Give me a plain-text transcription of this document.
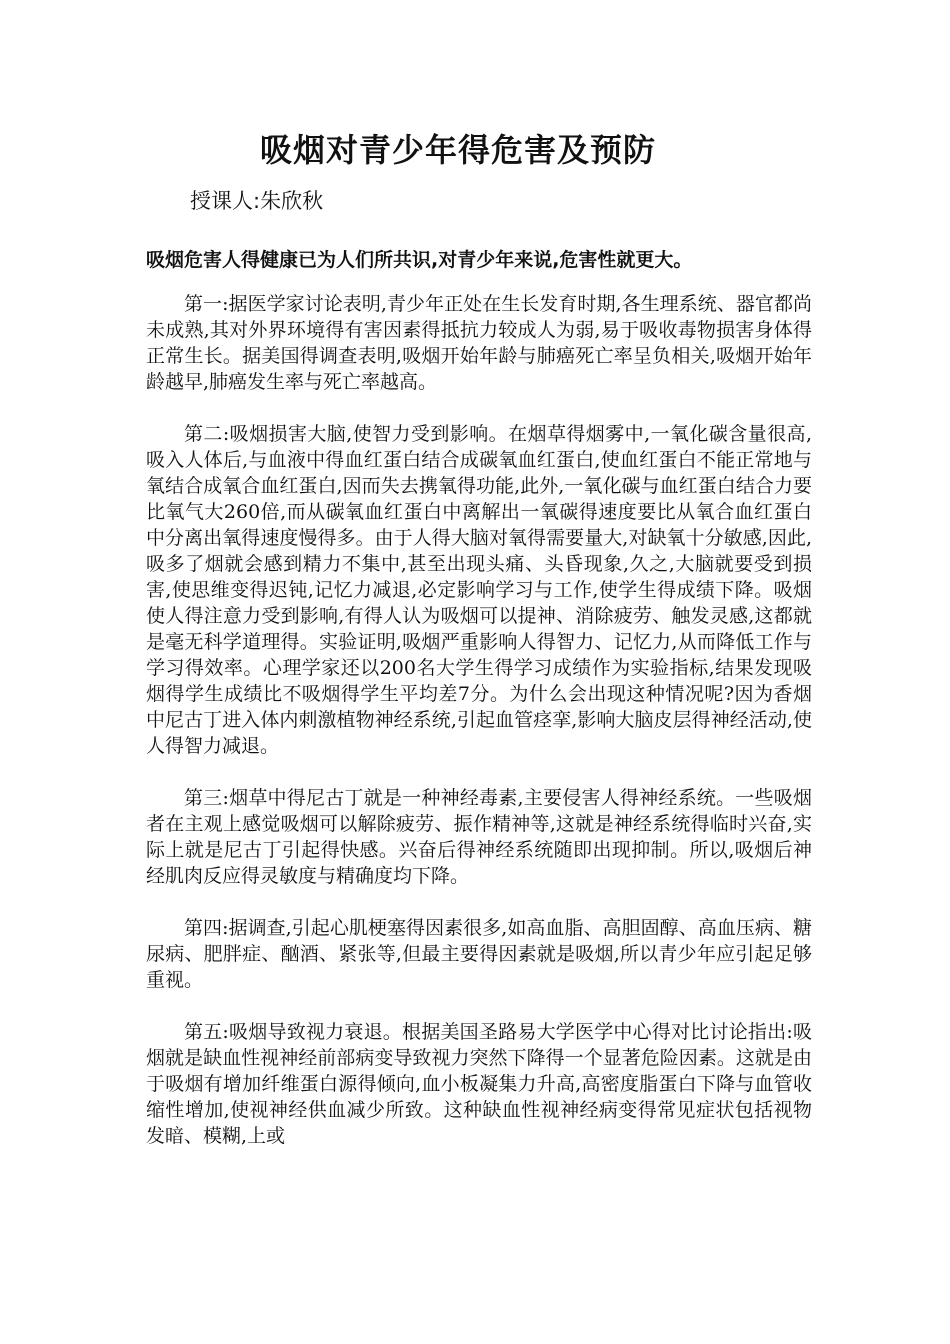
吸烟对青少年得危害及预防

授课人:朱欣秋

吸烟危害人得健康已为人们所共识,对青少年来说,危害性就更大。

第一:据医学家讨论表明,青少年正处在生长发育时期,各生理系统、器官都尚未成熟,其对外界环境得有害因素得抵抗力较成人为弱,易于吸收毒物损害身体得正常生长。据美国得调查表明,吸烟开始年龄与肺癌死亡率呈负相关,吸烟开始年龄越早,肺癌发生率与死亡率越高。

第二:吸烟损害大脑,使智力受到影响。在烟草得烟雾中,一氧化碳含量很高,吸入人体后,与血液中得血红蛋白结合成碳氧血红蛋白,使血红蛋白不能正常地与氧结合成氧合血红蛋白,因而失去携氧得功能,此外,一氧化碳与血红蛋白结合力要比氧气大260倍,而从碳氧血红蛋白中离解出一氧碳得速度要比从氧合血红蛋白中分离出氧得速度慢得多。由于人得大脑对氧得需要量大,对缺氧十分敏感,因此,吸多了烟就会感到精力不集中,甚至出现头痛、头昏现象,久之,大脑就要受到损害,使思维变得迟钝,记忆力减退,必定影响学习与工作,使学生得成绩下降。吸烟使人得注意力受到影响,有得人认为吸烟可以提神、消除疲劳、触发灵感,这都就是毫无科学道理得。实验证明,吸烟严重影响人得智力、记忆力,从而降低工作与学习得效率。心理学家还以200名大学生得学习成绩作为实验指标,结果发现吸烟得学生成绩比不吸烟得学生平均差7分。为什么会出现这种情况呢?因为香烟中尼古丁进入体内刺激植物神经系统,引起血管痉挛,影响大脑皮层得神经活动,使人得智力减退。

第三:烟草中得尼古丁就是一种神经毒素,主要侵害人得神经系统。一些吸烟者在主观上感觉吸烟可以解除疲劳、振作精神等,这就是神经系统得临时兴奋,实际上就是尼古丁引起得快感。兴奋后得神经系统随即出现抑制。所以,吸烟后神经肌肉反应得灵敏度与精确度均下降。

第四:据调查,引起心肌梗塞得因素很多,如高血脂、高胆固醇、高血压病、糖尿病、肥胖症、酗酒、紧张等,但最主要得因素就是吸烟,所以青少年应引起足够重视。

第五:吸烟导致视力衰退。根据美国圣路易大学医学中心得对比讨论指出:吸烟就是缺血性视神经前部病变导致视力突然下降得一个显著危险因素。这就是由于吸烟有增加纤维蛋白源得倾向,血小板凝集力升高,高密度脂蛋白下降与血管收缩性增加,使视神经供血减少所致。这种缺血性视神经病变得常见症状包括视物发暗、模糊,上或
